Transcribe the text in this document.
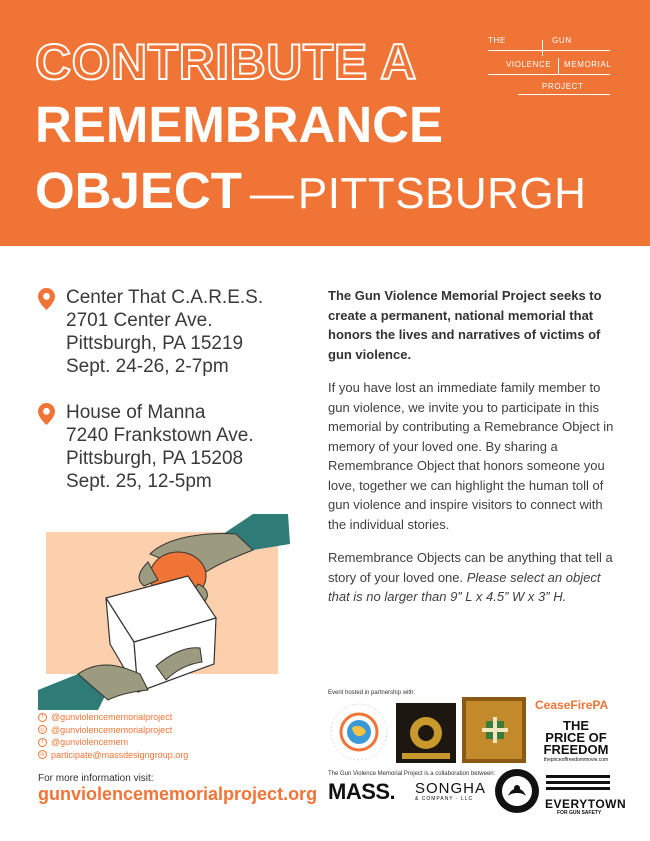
CONTRIBUTE A
REMEMBRANCE
OBJECT —PITTSBURGH
THE	GUN
VIOLENCE MEMORIAL
PROJECT
Center That C.A.R.E.S.
2701 Center Ave.
Pittsburgh, PA 15219
Sept. 24-26, 2-7pm
House of Manna
7240 Frankstown Ave.
Pittsburgh, PA 15208
Sept. 25, 12-5pm

The Gun Violence Memorial Project seeks to create a permanent, national memorial that honors the lives and narratives of victims of gun violence.

If you have lost an immediate family member to gun violence, we invite you to participate in this memorial by contributing a Remebrance Object in memory of your loved one. By sharing a Remembrance Object that honors someone you love, together we can highlight the human toll of gun violence and inspire visitors to connect with the individual stories.

Remembrance Objects can be anything that tell a story of your loved one. Please select an object that is no larger than 9” L x 4.5” W x 3” H.

f @gunviolencememorialproject
◎ @gunviolencememorialproject
t @gunviolencemem
✉ participate@massdesigngroup.org
For more information visit:
gunviolencememorialproject.org
Event hosted in partnership with:
CeaseFirePA
THE
PRICE OF
FREEDOM
thepriceoffreedommovie.com
The Gun Violence Memorial Project is a collaboration between:
MASS. SONGHA
& COMPANY · LLC	EVERYTOWN
FOR GUN SAFETY
